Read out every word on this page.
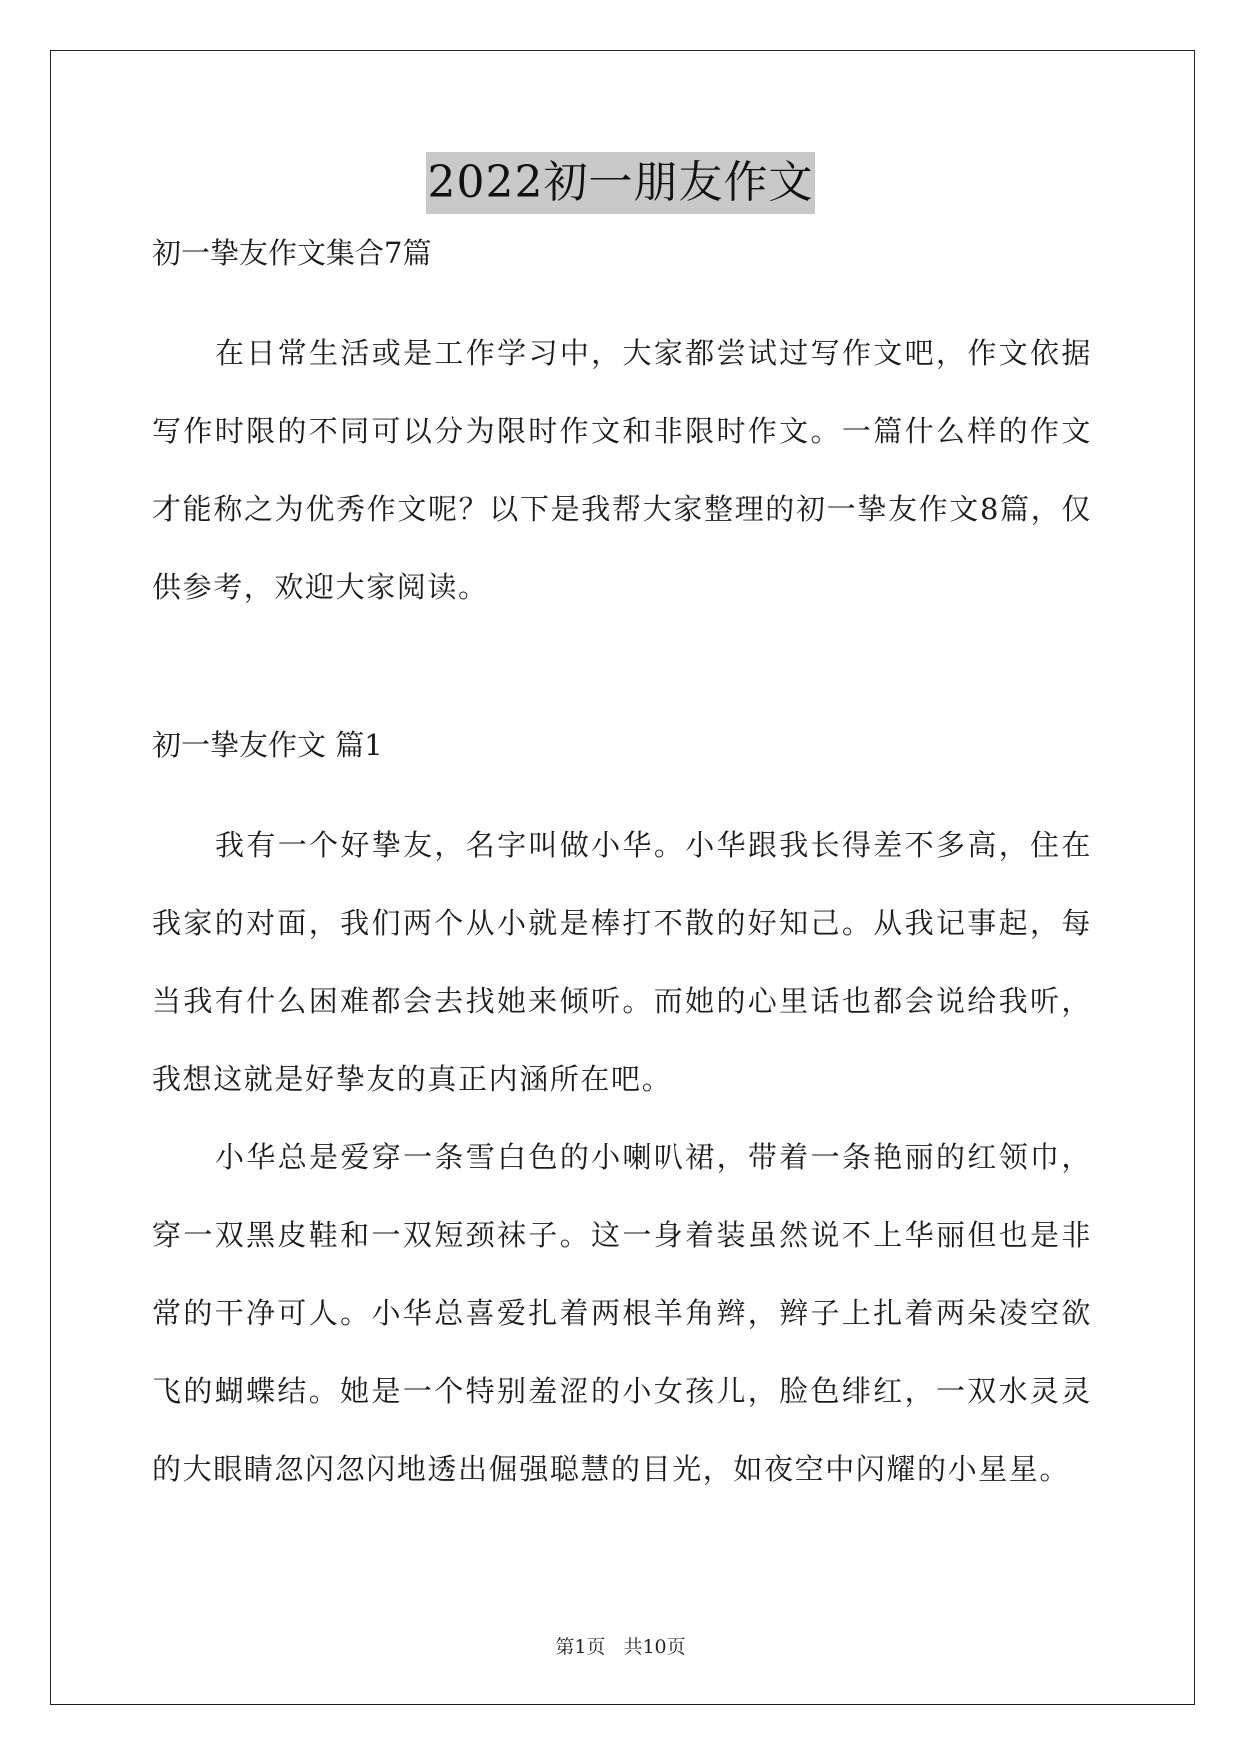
2022初一朋友作文

初一挚友作文集合7篇

在日常生活或是工作学习中，大家都尝试过写作文吧，作文依据写作时限的不同可以分为限时作文和非限时作文。一篇什么样的作文才能称之为优秀作文呢？以下是我帮大家整理的初一挚友作文8篇，仅供参考，欢迎大家阅读。

初一挚友作文 篇1

我有一个好挚友，名字叫做小华。小华跟我长得差不多高，住在我家的对面，我们两个从小就是棒打不散的好知己。从我记事起，每当我有什么困难都会去找她来倾听。而她的心里话也都会说给我听，我想这就是好挚友的真正内涵所在吧。

小华总是爱穿一条雪白色的小喇叭裙，带着一条艳丽的红领巾，穿一双黑皮鞋和一双短颈袜子。这一身着装虽然说不上华丽但也是非常的干净可人。小华总喜爱扎着两根羊角辫，辫子上扎着两朵凌空欲飞的蝴蝶结。她是一个特别羞涩的小女孩儿，脸色绯红，一双水灵灵的大眼睛忽闪忽闪地透出倔强聪慧的目光，如夜空中闪耀的小星星。

第1页 共10页
